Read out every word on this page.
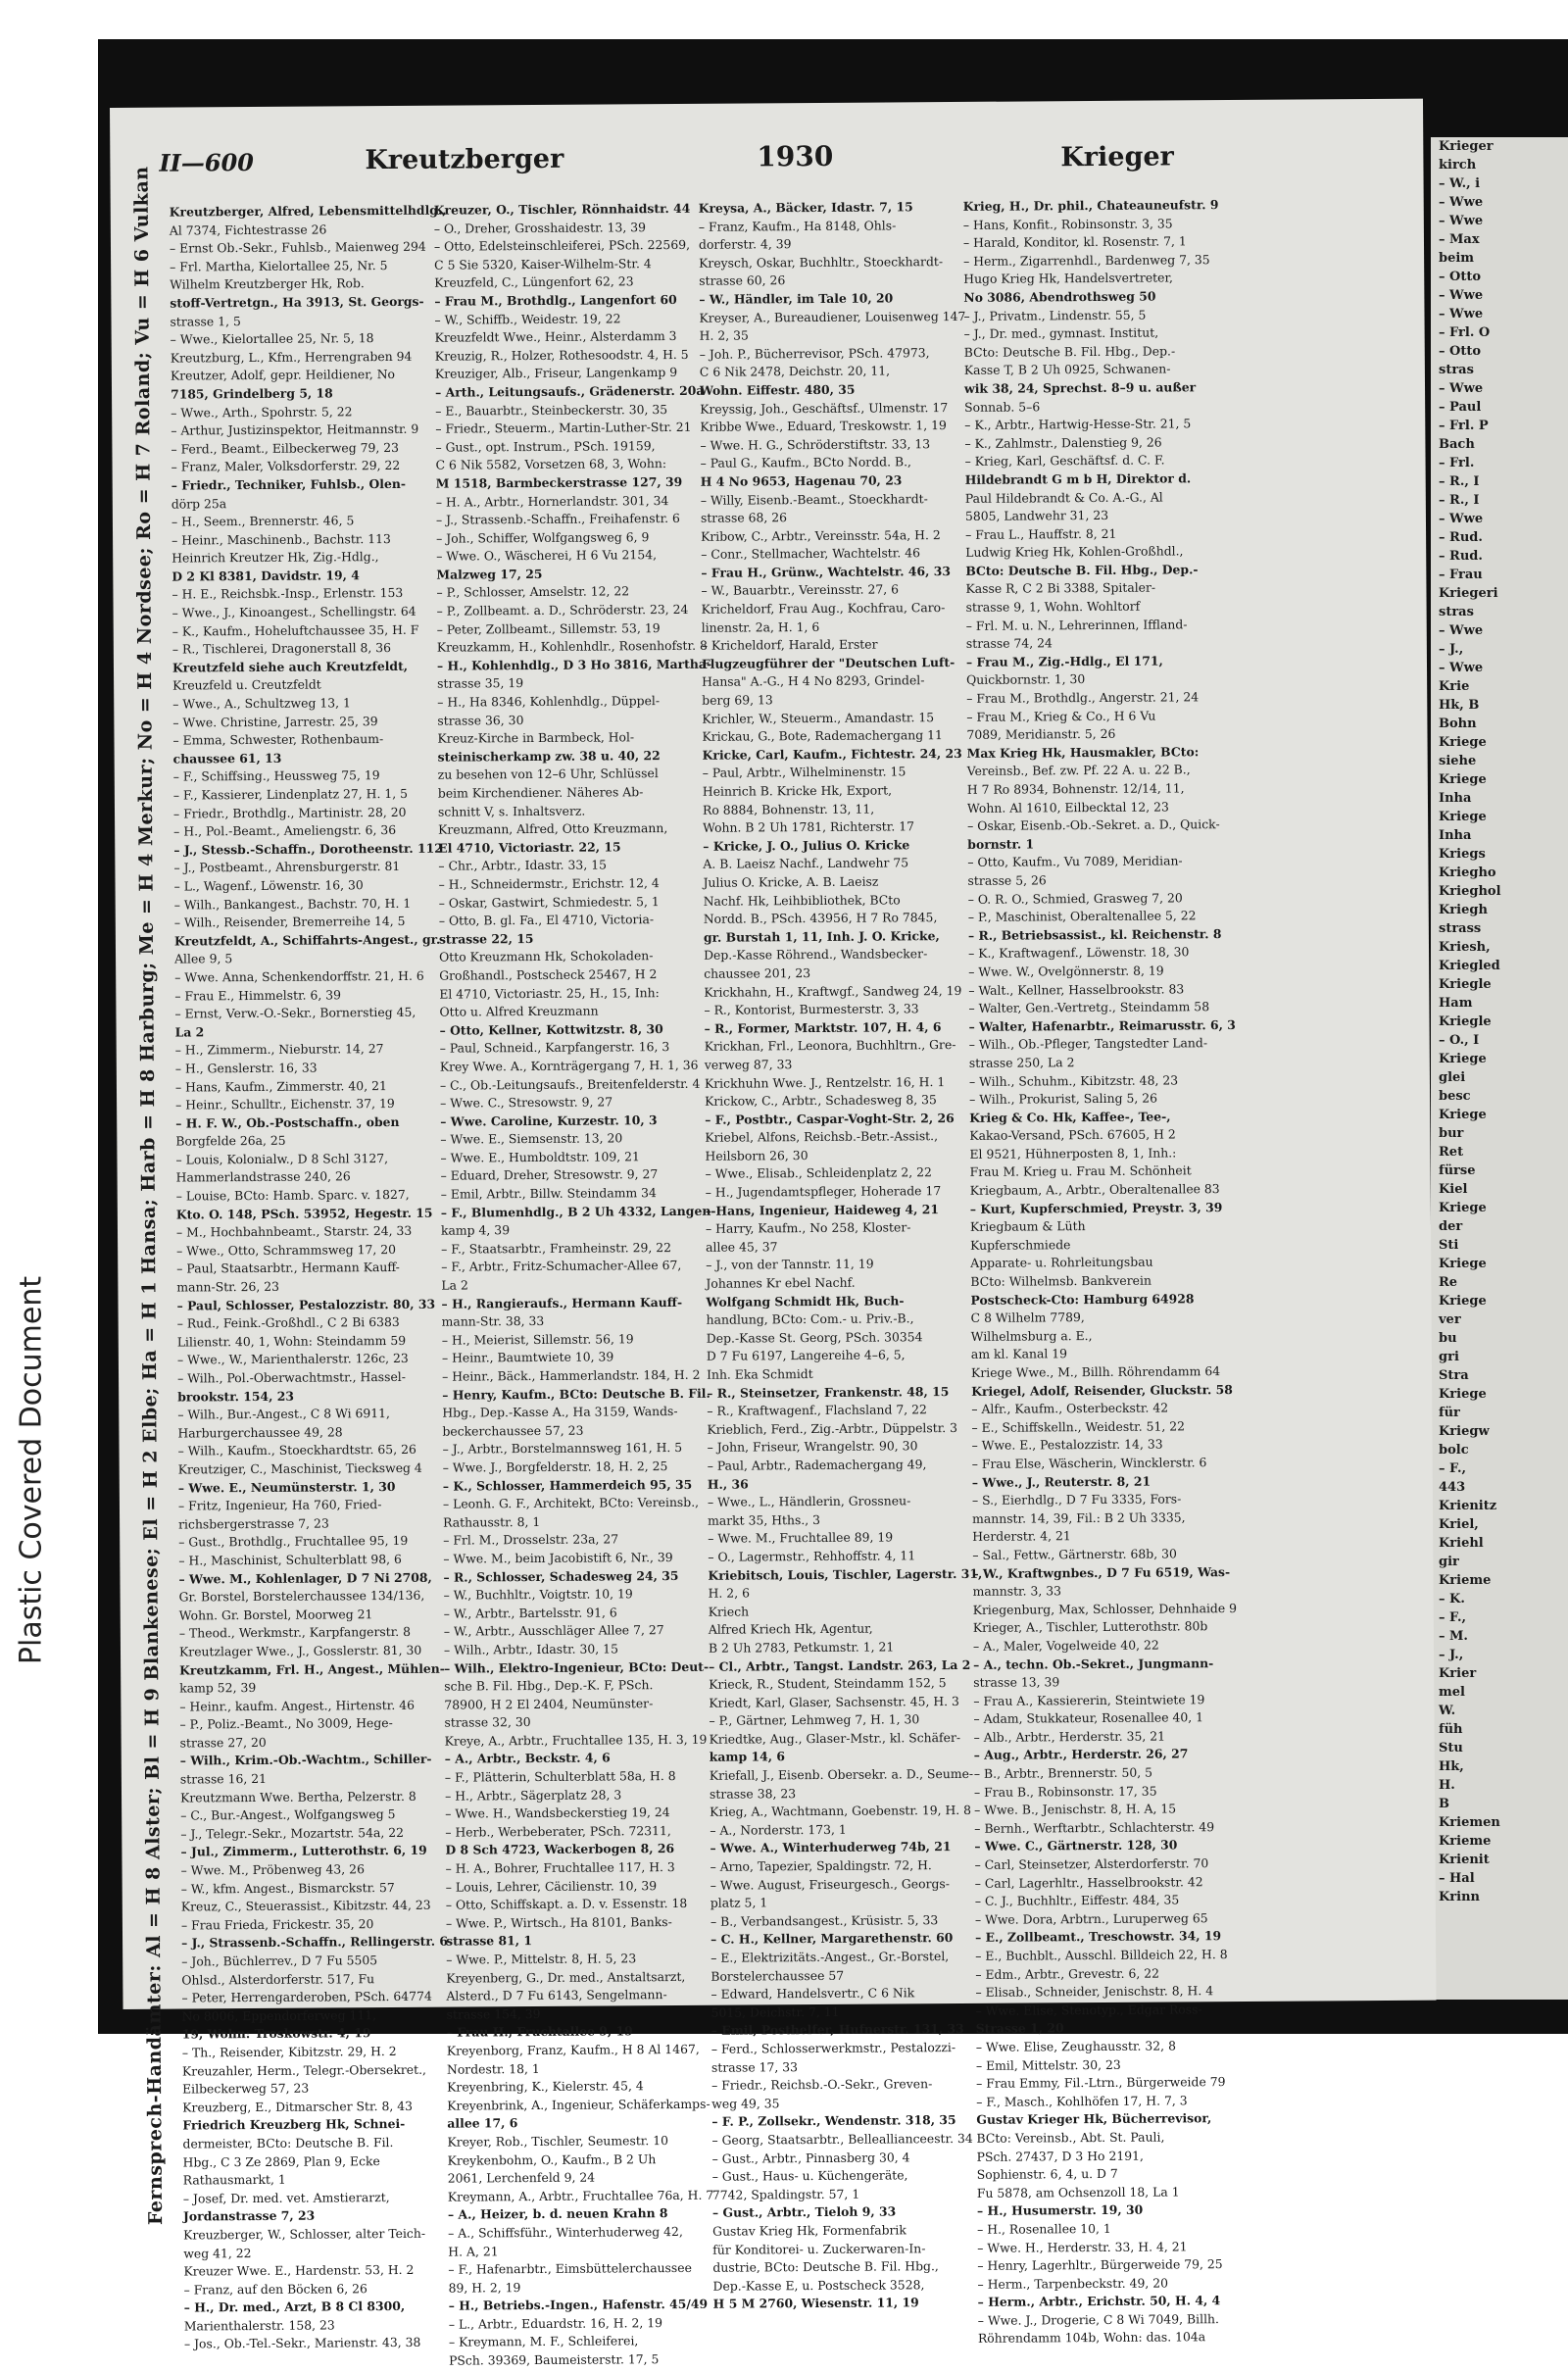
Plastic Covered Document
Krieger
kirch
– W., i
– Wwe
– Wwe
– Max
beim
– Otto
– Wwe
– Wwe
– Frl. O
– Otto
stras
– Wwe
– Paul
– Frl. P
Bach
– Frl.
– R., I
– R., I
– Wwe
– Rud.
– Rud.
– Frau
Kriegeri
stras
– Wwe
– J.,
– Wwe
Krie
Hk, B
Bohn
Kriege
siehe
Kriege
Inha
Kriege
Inha
Kriegs
Kriegho
Krieghol
Kriegh
strass
Kriesh,
Kriegled
Kriegle
Ham
Kriegle
– O., I
Kriege
glei
besc
Kriege
bur
Ret
fürse
Kiel
Kriege
der
Sti
Kriege
Re
Kriege
ver
bu
gri
Stra
Kriege
für
Kriegw
bolc
– F.,
443
Krienitz
Kriel,
Kriehl
gir
Krieme
– K.
– F.,
– M.
– J.,
Krier
mel
W.
füh
Stu
Hk,
H.
B
Kriemen
Krieme
Krienit
– Hal
Krinn
II—600	Kreutzberger	1930	Krieger
Fernsprech-Handämter: Al = H 8 Alster; Bl = H 9 Blankenese; El = H 2 Elbe; Ha = H 1 Hansa; Harb = H 8 Harburg; Me = H 4 Merkur; No = H 4 Nordsee; Ro = H 7 Roland; Vu = H 6 Vulkan Kreutzberger, Alfred, Lebensmittelhdlg.,
Al 7374, Fichtestrasse 26
– Ernst Ob.-Sekr., Fuhlsb., Maienweg 294
– Frl. Martha, Kielortallee 25, Nr. 5
Wilhelm Kreutzberger Hk, Rob.
stoff-Vertretgn., Ha 3913, St. Georgs-
strasse 1, 5
– Wwe., Kielortallee 25, Nr. 5, 18
Kreutzburg, L., Kfm., Herrengraben 94
Kreutzer, Adolf, gepr. Heildiener, No
7185, Grindelberg 5, 18
– Wwe., Arth., Spohrstr. 5, 22
– Arthur, Justizinspektor, Heitmannstr. 9
– Ferd., Beamt., Eilbeckerweg 79, 23
– Franz, Maler, Volksdorferstr. 29, 22
– Friedr., Techniker, Fuhlsb., Olen-
dörp 25a
– H., Seem., Brennerstr. 46, 5
– Heinr., Maschinenb., Bachstr. 113
Heinrich Kreutzer Hk, Zig.-Hdlg.,
D 2 Kl 8381, Davidstr. 19, 4
– H. E., Reichsbk.-Insp., Erlenstr. 153
– Wwe., J., Kinoangest., Schellingstr. 64
– K., Kaufm., Hoheluftchaussee 35, H. F
– R., Tischlerei, Dragonerstall 8, 36
Kreutzfeld siehe auch Kreutzfeldt,
Kreuzfeld u. Creutzfeldt
– Wwe., A., Schultzweg 13, 1
– Wwe. Christine, Jarrestr. 25, 39
– Emma, Schwester, Rothenbaum-
chaussee 61, 13
– F., Schiffsing., Heussweg 75, 19
– F., Kassierer, Lindenplatz 27, H. 1, 5
– Friedr., Brothdlg., Martinistr. 28, 20
– H., Pol.-Beamt., Ameliengstr. 6, 36
– J., Stessb.-Schaffn., Dorotheenstr. 112
– J., Postbeamt., Ahrensburgerstr. 81
– L., Wagenf., Löwenstr. 16, 30
– Wilh., Bankangest., Bachstr. 70, H. 1
– Wilh., Reisender, Bremerreihe 14, 5
Kreutzfeldt, A., Schiffahrts-Angest., gr.
Allee 9, 5
– Wwe. Anna, Schenkendorffstr. 21, H. 6
– Frau E., Himmelstr. 6, 39
– Ernst, Verw.-O.-Sekr., Bornerstieg 45,
La 2
– H., Zimmerm., Nieburstr. 14, 27
– H., Genslerstr. 16, 33
– Hans, Kaufm., Zimmerstr. 40, 21
– Heinr., Schulltr., Eichenstr. 37, 19
– H. F. W., Ob.-Postschaffn., oben
Borgfelde 26a, 25
– Louis, Kolonialw., D 8 Schl 3127,
Hammerlandstrasse 240, 26
– Louise, BCto: Hamb. Sparc. v. 1827,
Kto. O. 148, PSch. 53952, Hegestr. 15
– M., Hochbahnbeamt., Starstr. 24, 33
– Wwe., Otto, Schrammsweg 17, 20
– Paul, Staatsarbtr., Hermann Kauff-
mann-Str. 26, 23
– Paul, Schlosser, Pestalozzistr. 80, 33
– Rud., Feink.-Großhdl., C 2 Bi 6383
Lilienstr. 40, 1, Wohn: Steindamm 59
– Wwe., W., Marienthalerstr. 126c, 23
– Wilh., Pol.-Oberwachtmstr., Hassel-
brookstr. 154, 23
– Wilh., Bur.-Angest., C 8 Wi 6911,
Harburgerchaussee 49, 28
– Wilh., Kaufm., Stoeckhardtstr. 65, 26
Kreutziger, C., Maschinist, Tiecksweg 4
– Wwe. E., Neumünsterstr. 1, 30
– Fritz, Ingenieur, Ha 760, Fried-
richsbergerstrasse 7, 23
– Gust., Brothdlg., Fruchtallee 95, 19
– H., Maschinist, Schulterblatt 98, 6
– Wwe. M., Kohlenlager, D 7 Ni 2708,
Gr. Borstel, Borstelerchaussee 134/136,
Wohn. Gr. Borstel, Moorweg 21
– Theod., Werkmstr., Karpfangerstr. 8
Kreutzlager Wwe., J., Gosslerstr. 81, 30
Kreutzkamm, Frl. H., Angest., Mühlen-
kamp 52, 39
– Heinr., kaufm. Angest., Hirtenstr. 46
– P., Poliz.-Beamt., No 3009, Hege-
strasse 27, 20
– Wilh., Krim.-Ob.-Wachtm., Schiller-
strasse 16, 21
Kreutzmann Wwe. Bertha, Pelzerstr. 8
– C., Bur.-Angest., Wolfgangsweg 5
– J., Telegr.-Sekr., Mozartstr. 54a, 22
– Jul., Zimmerm., Lutterothstr. 6, 19
– Wwe. M., Pröbenweg 43, 26
– W., kfm. Angest., Bismarckstr. 57
Kreuz, C., Steuerassist., Kibitzstr. 44, 23
– Frau Frieda, Frickestr. 35, 20
– J., Strassenb.-Schaffn., Rellingerstr. 6
– Joh., Büchlerrev., D 7 Fu 5505
Ohlsd., Alsterdorferstr. 517, Fu
– Peter, Herrengarderoben, PSch. 64774
No 8006, Eppendorferweg 111,
19, Wohn: Troskowstr. 4, 19
– Th., Reisender, Kibitzstr. 29, H. 2
Kreuzahler, Herm., Telegr.-Obersekret.,
Eilbeckerweg 57, 23
Kreuzberg, E., Ditmarscher Str. 8, 43
Friedrich Kreuzberg Hk, Schnei-
dermeister, BCto: Deutsche B. Fil.
Hbg., C 3 Ze 2869, Plan 9, Ecke
Rathausmarkt, 1
– Josef, Dr. med. vet. Amstierarzt,
Jordanstrasse 7, 23
Kreuzberger, W., Schlosser, alter Teich-
weg 41, 22
Kreuzer Wwe. E., Hardenstr. 53, H. 2
– Franz, auf den Böcken 6, 26
– H., Dr. med., Arzt, B 8 Cl 8300,
Marienthalerstr. 158, 23
– Jos., Ob.-Tel.-Sekr., Marienstr. 43, 38
Kreuzer, O., Tischler, Rönnhaidstr. 44
– O., Dreher, Grosshaidestr. 13, 39
– Otto, Edelsteinschleiferei, PSch. 22569,
C 5 Sie 5320, Kaiser-Wilhelm-Str. 4
Kreuzfeld, C., Lüngenfort 62, 23
– Frau M., Brothdlg., Langenfort 60
– W., Schiffb., Weidestr. 19, 22
Kreuzfeldt Wwe., Heinr., Alsterdamm 3
Kreuzig, R., Holzer, Rothesoodstr. 4, H. 5
Kreuziger, Alb., Friseur, Langenkamp 9
– Arth., Leitungsaufs., Grädenerstr. 20a
– E., Bauarbtr., Steinbeckerstr. 30, 35
– Friedr., Steuerm., Martin-Luther-Str. 21
– Gust., opt. Instrum., PSch. 19159,
C 6 Nik 5582, Vorsetzen 68, 3, Wohn:
M 1518, Barmbeckerstrasse 127, 39
– H. A., Arbtr., Hornerlandstr. 301, 34
– J., Strassenb.-Schaffn., Freihafenstr. 6
– Joh., Schiffer, Wolfgangsweg 6, 9
– Wwe. O., Wäscherei, H 6 Vu 2154,
Malzweg 17, 25
– P., Schlosser, Amselstr. 12, 22
– P., Zollbeamt. a. D., Schröderstr. 23, 24
– Peter, Zollbeamt., Sillemstr. 53, 19
Kreuzkamm, H., Kohlenhdlr., Rosenhofstr. 8
– H., Kohlenhdlg., D 3 Ho 3816, Martha-
strasse 35, 19
– H., Ha 8346, Kohlenhdlg., Düppel-
strasse 36, 30
Kreuz-Kirche in Barmbeck, Hol-
steinischerkamp zw. 38 u. 40, 22
zu besehen von 12–6 Uhr, Schlüssel
beim Kirchendiener. Näheres Ab-
schnitt V, s. Inhaltsverz.
Kreuzmann, Alfred, Otto Kreuzmann,
El 4710, Victoriastr. 22, 15
– Chr., Arbtr., Idastr. 33, 15
– H., Schneidermstr., Erichstr. 12, 4
– Oskar, Gastwirt, Schmiedestr. 5, 1
– Otto, B. gl. Fa., El 4710, Victoria-
strasse 22, 15
Otto Kreuzmann Hk, Schokoladen-
Großhandl., Postscheck 25467, H 2
El 4710, Victoriastr. 25, H., 15, Inh:
Otto u. Alfred Kreuzmann
– Otto, Kellner, Kottwitzstr. 8, 30
– Paul, Schneid., Karpfangerstr. 16, 3
Krey Wwe. A., Kornträgergang 7, H. 1, 36
– C., Ob.-Leitungsaufs., Breitenfelderstr. 4
– Wwe. C., Stresowstr. 9, 27
– Wwe. Caroline, Kurzestr. 10, 3
– Wwe. E., Siemsenstr. 13, 20
– Wwe. E., Humboldtstr. 109, 21
– Eduard, Dreher, Stresowstr. 9, 27
– Emil, Arbtr., Billw. Steindamm 34
– F., Blumenhdlg., B 2 Uh 4332, Langen-
kamp 4, 39
– F., Staatsarbtr., Framheinstr. 29, 22
– F., Arbtr., Fritz-Schumacher-Allee 67,
La 2
– H., Rangieraufs., Hermann Kauff-
mann-Str. 38, 33
– H., Meierist, Sillemstr. 56, 19
– Heinr., Baumtwiete 10, 39
– Heinr., Bäck., Hammerlandstr. 184, H. 2
– Henry, Kaufm., BCto: Deutsche B. Fil.
Hbg., Dep.-Kasse A., Ha 3159, Wands-
beckerchaussee 57, 23
– J., Arbtr., Borstelmannsweg 161, H. 5
– Wwe. J., Borgfelderstr. 18, H. 2, 25
– K., Schlosser, Hammerdeich 95, 35
– Leonh. G. F., Architekt, BCto: Vereinsb.,
Rathausstr. 8, 1
– Frl. M., Drosselstr. 23a, 27
– Wwe. M., beim Jacobistift 6, Nr., 39
– R., Schlosser, Schadesweg 24, 35
– W., Buchhltr., Voigtstr. 10, 19
– W., Arbtr., Bartelsstr. 91, 6
– W., Arbtr., Ausschläger Allee 7, 27
– Wilh., Arbtr., Idastr. 30, 15
– Wilh., Elektro-Ingenieur, BCto: Deut-
sche B. Fil. Hbg., Dep.-K. F, PSch.
78900, H 2 El 2404, Neumünster-
strasse 32, 30
Kreye, A., Arbtr., Fruchtallee 135, H. 3, 19
– A., Arbtr., Beckstr. 4, 6
– F., Plätterin, Schulterblatt 58a, H. 8
– H., Arbtr., Sägerplatz 28, 3
– Wwe. H., Wandsbeckerstieg 19, 24
– Herb., Werbeberater, PSch. 72311,
D 8 Sch 4723, Wackerbogen 8, 26
– H. A., Bohrer, Fruchtallee 117, H. 3
– Louis, Lehrer, Cäcilienstr. 10, 39
– Otto, Schiffskapt. a. D. v. Essenstr. 18
– Wwe. P., Wirtsch., Ha 8101, Banks-
strasse 81, 1
– Wwe. P., Mittelstr. 8, H. 5, 23
Kreyenberg, G., Dr. med., Anstaltsarzt,
Alsterd., D 7 Fu 6143, Sengelmann-
strasse 154, 39
– Frau H., Fruchtallee 9, 19
Kreyenborg, Franz, Kaufm., H 8 Al 1467,
Nordestr. 18, 1
Kreyenbring, K., Kielerstr. 45, 4
Kreyenbrink, A., Ingenieur, Schäferkamps-
allee 17, 6
Kreyer, Rob., Tischler, Seumestr. 10
Kreykenbohm, O., Kaufm., B 2 Uh
2061, Lerchenfeld 9, 24
Kreymann, A., Arbtr., Fruchtallee 76a, H. 7
– A., Heizer, b. d. neuen Krahn 8
– A., Schiffsführ., Winterhuderweg 42,
H. A, 21
– F., Hafenarbtr., Eimsbüttelerchaussee
89, H. 2, 19
– H., Betriebs.-Ingen., Hafenstr. 45/49
– L., Arbtr., Eduardstr. 16, H. 2, 19
– Kreymann, M. F., Schleiferei,
PSch. 39369, Baumeisterstr. 17, 5
Kreysa, A., Bäcker, Idastr. 7, 15
– Franz, Kaufm., Ha 8148, Ohls-
dorferstr. 4, 39
Kreysch, Oskar, Buchhltr., Stoeckhardt-
strasse 60, 26
– W., Händler, im Tale 10, 20
Kreyser, A., Bureaudiener, Louisenweg 147
H. 2, 35
– Joh. P., Bücherrevisor, PSch. 47973,
C 6 Nik 2478, Deichstr. 20, 11,
Wohn. Eiffestr. 480, 35
Kreyssig, Joh., Geschäftsf., Ulmenstr. 17
Kribbe Wwe., Eduard, Treskowstr. 1, 19
– Wwe. H. G., Schröderstiftstr. 33, 13
– Paul G., Kaufm., BCto Nordd. B.,
H 4 No 9653, Hagenau 70, 23
– Willy, Eisenb.-Beamt., Stoeckhardt-
strasse 68, 26
Kribow, C., Arbtr., Vereinsstr. 54a, H. 2
– Conr., Stellmacher, Wachtelstr. 46
– Frau H., Grünw., Wachtelstr. 46, 33
– W., Bauarbtr., Vereinsstr. 27, 6
Kricheldorf, Frau Aug., Kochfrau, Caro-
linenstr. 2a, H. 1, 6
– Kricheldorf, Harald, Erster
Flugzeugführer der "Deutschen Luft-
Hansa" A.-G., H 4 No 8293, Grindel-
berg 69, 13
Krichler, W., Steuerm., Amandastr. 15
Krickau, G., Bote, Rademachergang 11
Kricke, Carl, Kaufm., Fichtestr. 24, 23
– Paul, Arbtr., Wilhelminenstr. 15
Heinrich B. Kricke Hk, Export,
Ro 8884, Bohnenstr. 13, 11,
Wohn. B 2 Uh 1781, Richterstr. 17
– Kricke, J. O., Julius O. Kricke
A. B. Laeisz Nachf., Landwehr 75
Julius O. Kricke, A. B. Laeisz
Nachf. Hk, Leihbibliothek, BCto
Nordd. B., PSch. 43956, H 7 Ro 7845,
gr. Burstah 1, 11, Inh. J. O. Kricke,
Dep.-Kasse Röhrend., Wandsbecker-
chaussee 201, 23
Krickhahn, H., Kraftwgf., Sandweg 24, 19
– R., Kontorist, Burmesterstr. 3, 33
– R., Former, Marktstr. 107, H. 4, 6
Krickhan, Frl., Leonora, Buchhltrn., Gre-
verweg 87, 33
Krickhuhn Wwe. J., Rentzelstr. 16, H. 1
Krickow, C., Arbtr., Schadesweg 8, 35
– F., Postbtr., Caspar-Voght-Str. 2, 26
Kriebel, Alfons, Reichsb.-Betr.-Assist.,
Heilsborn 26, 30
– Wwe., Elisab., Schleidenplatz 2, 22
– H., Jugendamtspfleger, Hoherade 17
– Hans, Ingenieur, Haideweg 4, 21
– Harry, Kaufm., No 258, Kloster-
allee 45, 37
– J., von der Tannstr. 11, 19
Johannes Kr ebel Nachf.
Wolfgang Schmidt Hk, Buch-
handlung, BCto: Com.- u. Priv.-B.,
Dep.-Kasse St. Georg, PSch. 30354
D 7 Fu 6197, Langereihe 4–6, 5,
Inh. Eka Schmidt
– R., Steinsetzer, Frankenstr. 48, 15
– R., Kraftwagenf., Flachsland 7, 22
Krieblich, Ferd., Zig.-Arbtr., Düppelstr. 3
– John, Friseur, Wrangelstr. 90, 30
– Paul, Arbtr., Rademachergang 49,
H., 36
– Wwe., L., Händlerin, Grossneu-
markt 35, Hths., 3
– Wwe. M., Fruchtallee 89, 19
– O., Lagermstr., Rehhoffstr. 4, 11
Kriebitsch, Louis, Tischler, Lagerstr. 31,
H. 2, 6
Kriech
Alfred Kriech Hk, Agentur,
B 2 Uh 2783, Petkumstr. 1, 21
– Cl., Arbtr., Tangst. Landstr. 263, La 2
Krieck, R., Student, Steindamm 152, 5
Kriedt, Karl, Glaser, Sachsenstr. 45, H. 3
– P., Gärtner, Lehmweg 7, H. 1, 30
Kriedtke, Aug., Glaser-Mstr., kl. Schäfer-
kamp 14, 6
Kriefall, J., Eisenb. Obersekr. a. D., Seume-
strasse 38, 23
Krieg, A., Wachtmann, Goebenstr. 19, H. 8
– A., Norderstr. 173, 1
– Wwe. A., Winterhuderweg 74b, 21
– Arno, Tapezier, Spaldingstr. 72, H.
– Wwe. August, Friseurgesch., Georgs-
platz 5, 1
– B., Verbandsangest., Krüsistr. 5, 33
– C. H., Kellner, Margarethenstr. 60
– E., Elektrizitäts.-Angest., Gr.-Borstel,
Borstelerchaussee 57
– Edward, Handelsvertr., C 6 Nik
5015, Deichstr. 7, 11
– Emil, Posthelfer, Hufnerstr. 131, 33
– Ferd., Schlosserwerkmstr., Pestalozzi-
strasse 17, 33
– Friedr., Reichsb.-O.-Sekr., Greven-
weg 49, 35
– F. P., Zollsekr., Wendenstr. 318, 35
– Georg, Staatsarbtr., Belleallianceestr. 34
– Gust., Arbtr., Pinnasberg 30, 4
– Gust., Haus- u. Küchengeräte,
7742, Spaldingstr. 57, 1
– Gust., Arbtr., Tieloh 9, 33
Gustav Krieg Hk, Formenfabrik
für Konditorei- u. Zuckerwaren-In-
dustrie, BCto: Deutsche B. Fil. Hbg.,
Dep.-Kasse E, u. Postscheck 3528,
H 5 M 2760, Wiesenstr. 11, 19
Krieg, H., Dr. phil., Chateauneufstr. 9
– Hans, Konfit., Robinsonstr. 3, 35
– Harald, Konditor, kl. Rosenstr. 7, 1
– Herm., Zigarrenhdl., Bardenweg 7, 35
Hugo Krieg Hk, Handelsvertreter,
No 3086, Abendrothsweg 50
– J., Privatm., Lindenstr. 55, 5
– J., Dr. med., gymnast. Institut,
BCto: Deutsche B. Fil. Hbg., Dep.-
Kasse T, B 2 Uh 0925, Schwanen-
wik 38, 24, Sprechst. 8–9 u. außer
Sonnab. 5–6
– K., Arbtr., Hartwig-Hesse-Str. 21, 5
– K., Zahlmstr., Dalenstieg 9, 26
– Krieg, Karl, Geschäftsf. d. C. F.
Hildebrandt G m b H, Direktor d.
Paul Hildebrandt & Co. A.-G., Al
5805, Landwehr 31, 23
– Frau L., Hauffstr. 8, 21
Ludwig Krieg Hk, Kohlen-Großhdl.,
BCto: Deutsche B. Fil. Hbg., Dep.-
Kasse R, C 2 Bi 3388, Spitaler-
strasse 9, 1, Wohn. Wohltorf
– Frl. M. u. N., Lehrerinnen, Iffland-
strasse 74, 24
– Frau M., Zig.-Hdlg., El 171,
Quickbornstr. 1, 30
– Frau M., Brothdlg., Angerstr. 21, 24
– Frau M., Krieg & Co., H 6 Vu
7089, Meridianstr. 5, 26
Max Krieg Hk, Hausmakler, BCto:
Vereinsb., Bef. zw. Pf. 22 A. u. 22 B.,
H 7 Ro 8934, Bohnenstr. 12/14, 11,
Wohn. Al 1610, Eilbecktal 12, 23
– Oskar, Eisenb.-Ob.-Sekret. a. D., Quick-
bornstr. 1
– Otto, Kaufm., Vu 7089, Meridian-
strasse 5, 26
– O. R. O., Schmied, Grasweg 7, 20
– P., Maschinist, Oberaltenallee 5, 22
– R., Betriebsassist., kl. Reichenstr. 8
– K., Kraftwagenf., Löwenstr. 18, 30
– Wwe. W., Ovelgönnerstr. 8, 19
– Walt., Kellner, Hasselbrookstr. 83
– Walter, Gen.-Vertretg., Steindamm 58
– Walter, Hafenarbtr., Reimarusstr. 6, 3
– Wilh., Ob.-Pfleger, Tangstedter Land-
strasse 250, La 2
– Wilh., Schuhm., Kibitzstr. 48, 23
– Wilh., Prokurist, Saling 5, 26
Krieg & Co. Hk, Kaffee-, Tee-,
Kakao-Versand, PSch. 67605, H 2
El 9521, Hühnerposten 8, 1, Inh.:
Frau M. Krieg u. Frau M. Schönheit
Kriegbaum, A., Arbtr., Oberaltenallee 83
– Kurt, Kupferschmied, Preystr. 3, 39
Kriegbaum & Lüth
Kupferschmiede
Apparate- u. Rohrleitungsbau
BCto: Wilhelmsb. Bankverein
Postscheck-Cto: Hamburg 64928
C 8 Wilhelm 7789,
Wilhelmsburg a. E.,
am kl. Kanal 19
Kriege Wwe., M., Billh. Röhrendamm 64
Kriegel, Adolf, Reisender, Gluckstr. 58
– Alfr., Kaufm., Osterbeckstr. 42
– E., Schiffskelln., Weidestr. 51, 22
– Wwe. E., Pestalozzistr. 14, 33
– Frau Else, Wäscherin, Wincklerstr. 6
– Wwe., J., Reuterstr. 8, 21
– S., Eierhdlg., D 7 Fu 3335, Fors-
mannstr. 14, 39, Fil.: B 2 Uh 3335,
Herderstr. 4, 21
– Sal., Fettw., Gärtnerstr. 68b, 30
– W., Kraftwgnbes., D 7 Fu 6519, Was-
mannstr. 3, 33
Kriegenburg, Max, Schlosser, Dehnhaide 9
Krieger, A., Tischler, Lutterothstr. 80b
– A., Maler, Vogelweide 40, 22
– A., techn. Ob.-Sekret., Jungmann-
strasse 13, 39
– Frau A., Kassiererin, Steintwiete 19
– Adam, Stukkateur, Rosenallee 40, 1
– Alb., Arbtr., Herderstr. 35, 21
– Aug., Arbtr., Herderstr. 26, 27
– B., Arbtr., Brennerstr. 50, 5
– Frau B., Robinsonstr. 17, 35
– Wwe. B., Jenischstr. 8, H. A, 15
– Bernh., Werftarbtr., Schlachterstr. 49
– Wwe. C., Gärtnerstr. 128, 30
– Carl, Steinsetzer, Alsterdorferstr. 70
– Carl, Lagerhltr., Hasselbrookstr. 42
– C. J., Buchhltr., Eiffestr. 484, 35
– Wwe. Dora, Arbtrn., Luruperweg 65
– E., Zollbeamt., Treschowstr. 34, 19
– E., Buchblt., Ausschl. Billdeich 22, H. 8
– Edm., Arbtr., Grevestr. 6, 22
– Elisab., Schneider, Jenischstr. 8, H. 4
– Wwe. Elise, Stenotyp., Edgar Ross-
Strasse 1, 20
– Wwe. Elise, Zeughausstr. 32, 8
– Emil, Mittelstr. 30, 23
– Frau Emmy, Fil.-Ltrn., Bürgerweide 79
– F., Masch., Kohlhöfen 17, H. 7, 3
Gustav Krieger Hk, Bücherrevisor,
BCto: Vereinsb., Abt. St. Pauli,
PSch. 27437, D 3 Ho 2191,
Sophienstr. 6, 4, u. D 7
Fu 5878, am Ochsenzoll 18, La 1
– H., Husumerstr. 19, 30
– H., Rosenallee 10, 1
– Wwe. H., Herderstr. 33, H. 4, 21
– Henry, Lagerhltr., Bürgerweide 79, 25
– Herm., Tarpenbeckstr. 49, 20
– Herm., Arbtr., Erichstr. 50, H. 4, 4
– Wwe. J., Drogerie, C 8 Wi 7049, Billh.
Röhrendamm 104b, Wohn: das. 104a
